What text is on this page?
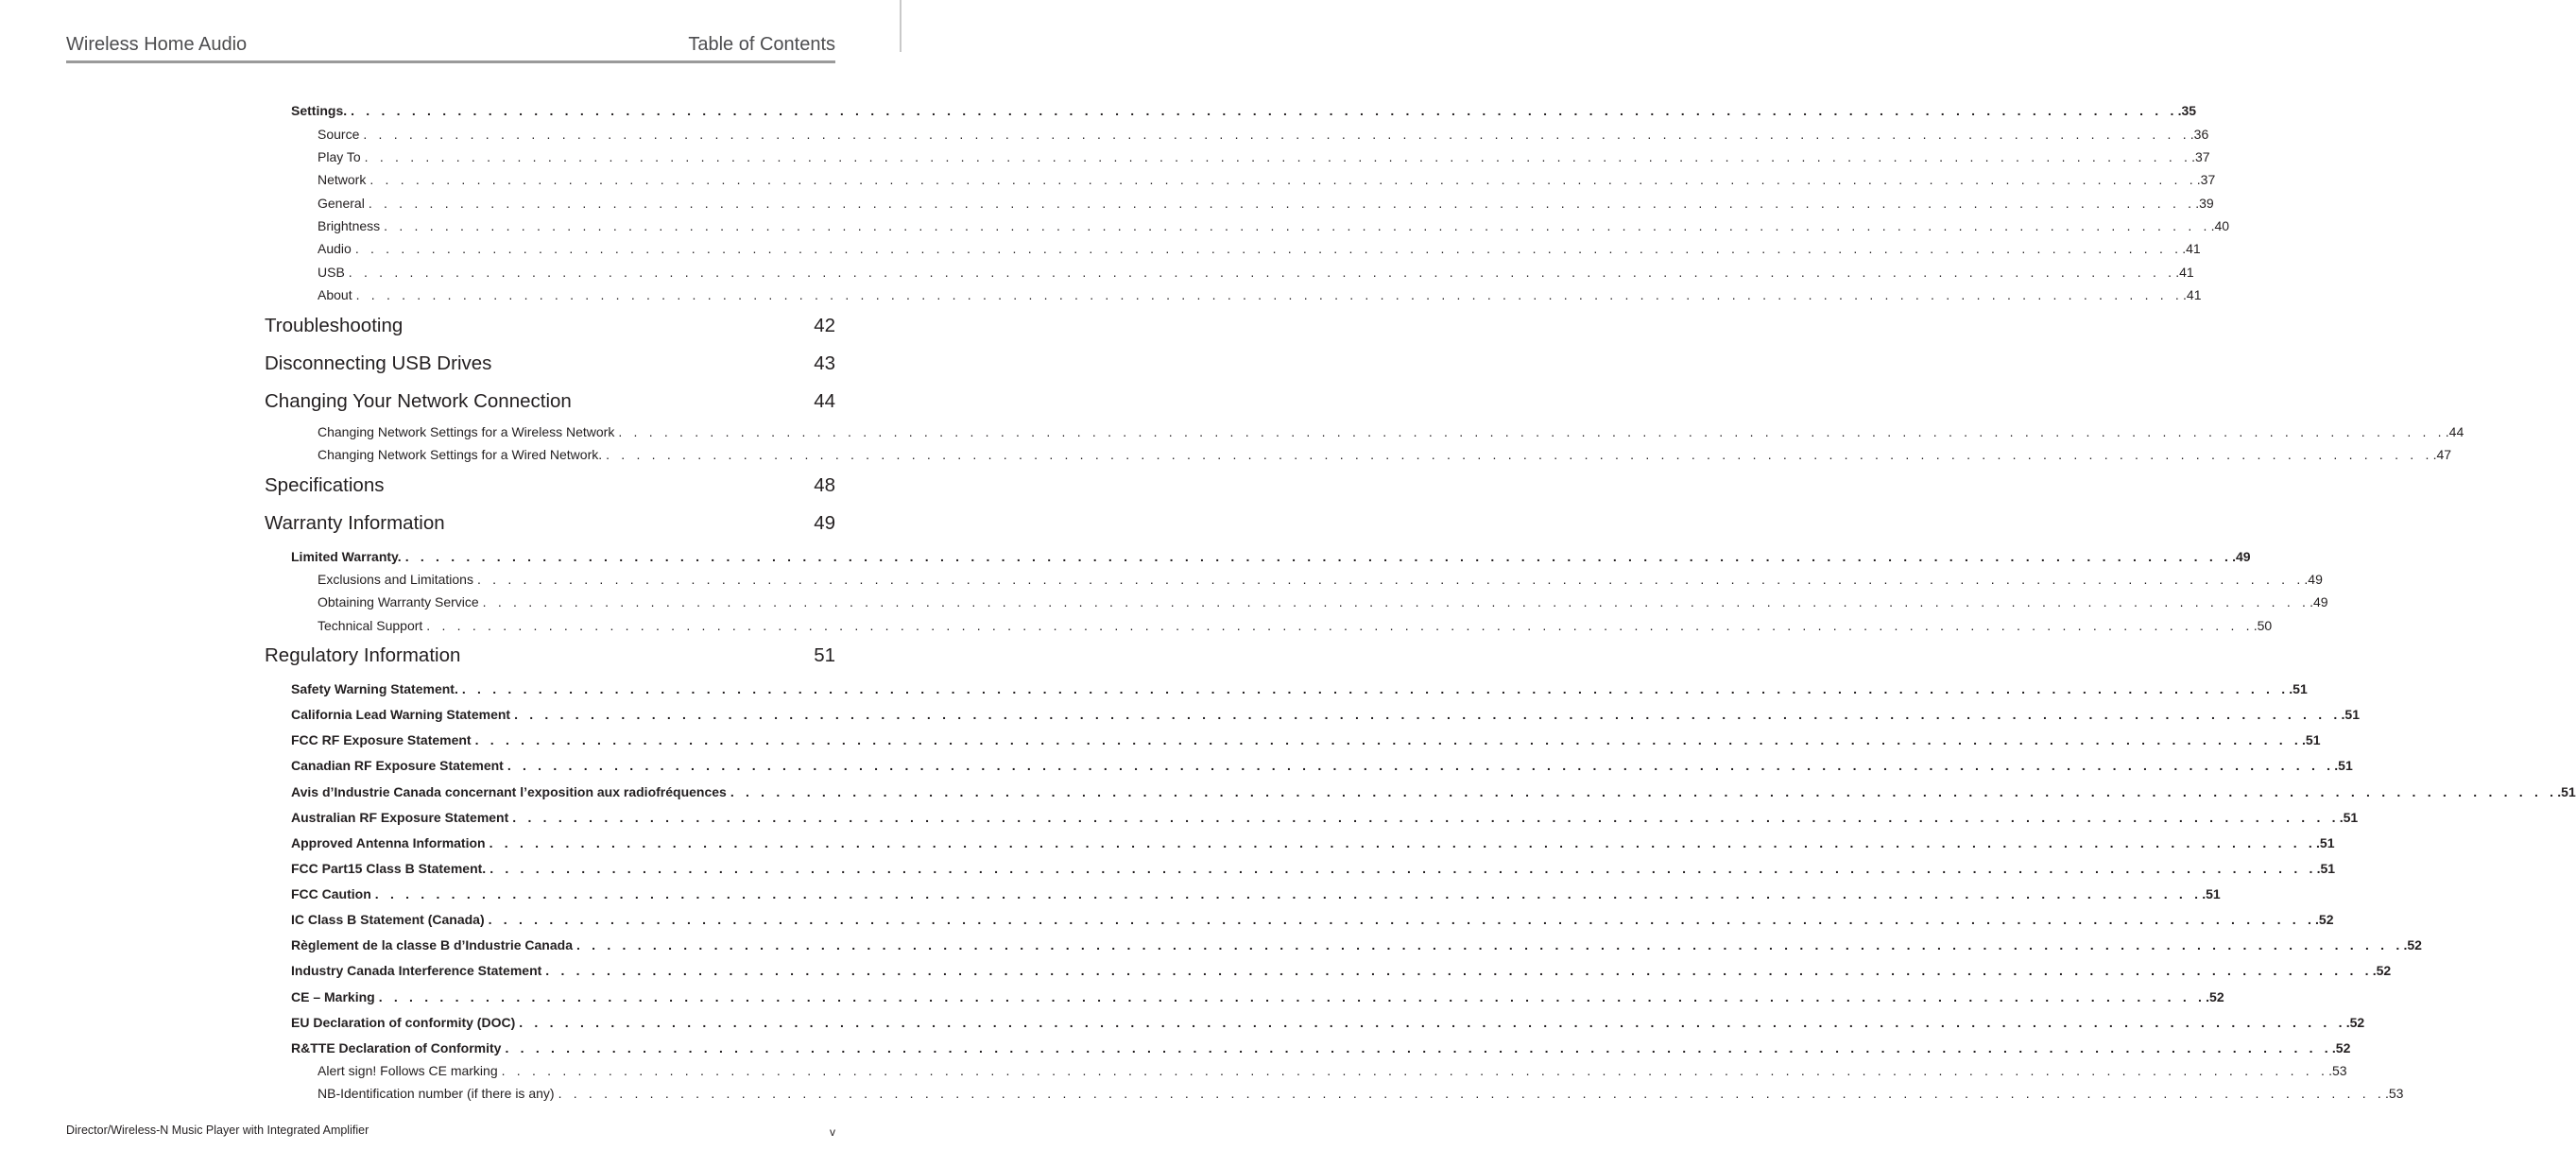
Wireless Home Audio	Table of Contents
Settings. . . . . . . . . . . . . . . . . . . . . . . . . . . . . . . . . . . . . . . . . . . . . . . . . . . . . . . . . . . . . . . . . . . . . . . . . . . . . . . . . . . . . . . . . . . . . . . . . . . . . . . . . . . . . . . . . . . . . . . . . .35
Source . . . . . . . . . . . . . . . . . . . . . . . . . . . . . . . . . . . . . . . . . . . . . . . . . . . . . . . . . . . . . . . . . . . . . . . . . . . . . . . . . . . . . . . . . . . . . . . . . . . . . . . . . . . . . . . . . . . . . . . . .36
Play To . . . . . . . . . . . . . . . . . . . . . . . . . . . . . . . . . . . . . . . . . . . . . . . . . . . . . . . . . . . . . . . . . . . . . . . . . . . . . . . . . . . . . . . . . . . . . . . . . . . . . . . . . . . . . . . . . . . . . . . . .37
Network . . . . . . . . . . . . . . . . . . . . . . . . . . . . . . . . . . . . . . . . . . . . . . . . . . . . . . . . . . . . . . . . . . . . . . . . . . . . . . . . . . . . . . . . . . . . . . . . . . . . . . . . . . . . . . . . . . . . . . . . .37
General . . . . . . . . . . . . . . . . . . . . . . . . . . . . . . . . . . . . . . . . . . . . . . . . . . . . . . . . . . . . . . . . . . . . . . . . . . . . . . . . . . . . . . . . . . . . . . . . . . . . . . . . . . . . . . . . . . . . . . . . .39
Brightness . . . . . . . . . . . . . . . . . . . . . . . . . . . . . . . . . . . . . . . . . . . . . . . . . . . . . . . . . . . . . . . . . . . . . . . . . . . . . . . . . . . . . . . . . . . . . . . . . . . . . . . . . . . . . . . . . . . . . . . . .40
Audio . . . . . . . . . . . . . . . . . . . . . . . . . . . . . . . . . . . . . . . . . . . . . . . . . . . . . . . . . . . . . . . . . . . . . . . . . . . . . . . . . . . . . . . . . . . . . . . . . . . . . . . . . . . . . . . . . . . . . . . . .41
USB . . . . . . . . . . . . . . . . . . . . . . . . . . . . . . . . . . . . . . . . . . . . . . . . . . . . . . . . . . . . . . . . . . . . . . . . . . . . . . . . . . . . . . . . . . . . . . . . . . . . . . . . . . . . . . . . . . . . . . . . .41
About . . . . . . . . . . . . . . . . . . . . . . . . . . . . . . . . . . . . . . . . . . . . . . . . . . . . . . . . . . . . . . . . . . . . . . . . . . . . . . . . . . . . . . . . . . . . . . . . . . . . . . . . . . . . . . . . . . . . . . . . .41
Troubleshooting	42
Disconnecting USB Drives	43
Changing Your Network Connection	44
Changing Network Settings for a Wireless Network . . . . . . . . . . . . . . . . . . . . . . . . . . . . . . . . . . . . . . . . . . . . . . . . . . . . . . . . . . . . . . . . . . . . . . . . . . . . . . . . . . . . . . . . . . . . . . . . . . . . . . . . . . . . . . . . . . . . . . . . .44
Changing Network Settings for a Wired Network. . . . . . . . . . . . . . . . . . . . . . . . . . . . . . . . . . . . . . . . . . . . . . . . . . . . . . . . . . . . . . . . . . . . . . . . . . . . . . . . . . . . . . . . . . . . . . . . . . . . . . . . . . . . . . . . . . . . . . . . . .47
Specifications	48
Warranty Information	49
Limited Warranty. . . . . . . . . . . . . . . . . . . . . . . . . . . . . . . . . . . . . . . . . . . . . . . . . . . . . . . . . . . . . . . . . . . . . . . . . . . . . . . . . . . . . . . . . . . . . . . . . . . . . . . . . . . . . . . . . . . . . . . . . .49
Exclusions and Limitations . . . . . . . . . . . . . . . . . . . . . . . . . . . . . . . . . . . . . . . . . . . . . . . . . . . . . . . . . . . . . . . . . . . . . . . . . . . . . . . . . . . . . . . . . . . . . . . . . . . . . . . . . . . . . . . . . . . . . . . . .49
Obtaining Warranty Service . . . . . . . . . . . . . . . . . . . . . . . . . . . . . . . . . . . . . . . . . . . . . . . . . . . . . . . . . . . . . . . . . . . . . . . . . . . . . . . . . . . . . . . . . . . . . . . . . . . . . . . . . . . . . . . . . . . . . . . . .49
Technical Support . . . . . . . . . . . . . . . . . . . . . . . . . . . . . . . . . . . . . . . . . . . . . . . . . . . . . . . . . . . . . . . . . . . . . . . . . . . . . . . . . . . . . . . . . . . . . . . . . . . . . . . . . . . . . . . . . . . . . . . . .50
Regulatory Information	51
Safety Warning Statement. . . . . . . . . . . . . . . . . . . . . . . . . . . . . . . . . . . . . . . . . . . . . . . . . . . . . . . . . . . . . . . . . . . . . . . . . . . . . . . . . . . . . . . . . . . . . . . . . . . . . . . . . . . . . . . . . . . . . . . . . .51
California Lead Warning Statement . . . . . . . . . . . . . . . . . . . . . . . . . . . . . . . . . . . . . . . . . . . . . . . . . . . . . . . . . . . . . . . . . . . . . . . . . . . . . . . . . . . . . . . . . . . . . . . . . . . . . . . . . . . . . . . . . . . . . . . . .51
FCC RF Exposure Statement . . . . . . . . . . . . . . . . . . . . . . . . . . . . . . . . . . . . . . . . . . . . . . . . . . . . . . . . . . . . . . . . . . . . . . . . . . . . . . . . . . . . . . . . . . . . . . . . . . . . . . . . . . . . . . . . . . . . . . . . .51
Canadian RF Exposure Statement . . . . . . . . . . . . . . . . . . . . . . . . . . . . . . . . . . . . . . . . . . . . . . . . . . . . . . . . . . . . . . . . . . . . . . . . . . . . . . . . . . . . . . . . . . . . . . . . . . . . . . . . . . . . . . . . . . . . . . . . .51
Avis d’Industrie Canada concernant l’exposition aux radiofréquences . . . . . . . . . . . . . . . . . . . . . . . . . . . . . . . . . . . . . . . . . . . . . . . . . . . . . . . . . . . . . . . . . . . . . . . . . . . . . . . . . . . . . . . . . . . . . . . . . . . . . . . . . . . . . . . . . . . . . . . . .51
Australian RF Exposure Statement . . . . . . . . . . . . . . . . . . . . . . . . . . . . . . . . . . . . . . . . . . . . . . . . . . . . . . . . . . . . . . . . . . . . . . . . . . . . . . . . . . . . . . . . . . . . . . . . . . . . . . . . . . . . . . . . . . . . . . . . .51
Approved Antenna Information . . . . . . . . . . . . . . . . . . . . . . . . . . . . . . . . . . . . . . . . . . . . . . . . . . . . . . . . . . . . . . . . . . . . . . . . . . . . . . . . . . . . . . . . . . . . . . . . . . . . . . . . . . . . . . . . . . . . . . . . .51
FCC Part15 Class B Statement. . . . . . . . . . . . . . . . . . . . . . . . . . . . . . . . . . . . . . . . . . . . . . . . . . . . . . . . . . . . . . . . . . . . . . . . . . . . . . . . . . . . . . . . . . . . . . . . . . . . . . . . . . . . . . . . . . . . . . . . . .51
FCC Caution . . . . . . . . . . . . . . . . . . . . . . . . . . . . . . . . . . . . . . . . . . . . . . . . . . . . . . . . . . . . . . . . . . . . . . . . . . . . . . . . . . . . . . . . . . . . . . . . . . . . . . . . . . . . . . . . . . . . . . . . .51
IC Class B Statement (Canada) . . . . . . . . . . . . . . . . . . . . . . . . . . . . . . . . . . . . . . . . . . . . . . . . . . . . . . . . . . . . . . . . . . . . . . . . . . . . . . . . . . . . . . . . . . . . . . . . . . . . . . . . . . . . . . . . . . . . . . . . .52
Règlement de la classe B d’Industrie Canada . . . . . . . . . . . . . . . . . . . . . . . . . . . . . . . . . . . . . . . . . . . . . . . . . . . . . . . . . . . . . . . . . . . . . . . . . . . . . . . . . . . . . . . . . . . . . . . . . . . . . . . . . . . . . . . . . . . . . . . . .52
Industry Canada Interference Statement . . . . . . . . . . . . . . . . . . . . . . . . . . . . . . . . . . . . . . . . . . . . . . . . . . . . . . . . . . . . . . . . . . . . . . . . . . . . . . . . . . . . . . . . . . . . . . . . . . . . . . . . . . . . . . . . . . . . . . . . .52
CE – Marking . . . . . . . . . . . . . . . . . . . . . . . . . . . . . . . . . . . . . . . . . . . . . . . . . . . . . . . . . . . . . . . . . . . . . . . . . . . . . . . . . . . . . . . . . . . . . . . . . . . . . . . . . . . . . . . . . . . . . . . . .52
EU Declaration of conformity (DOC) . . . . . . . . . . . . . . . . . . . . . . . . . . . . . . . . . . . . . . . . . . . . . . . . . . . . . . . . . . . . . . . . . . . . . . . . . . . . . . . . . . . . . . . . . . . . . . . . . . . . . . . . . . . . . . . . . . . . . . . . .52
R&TTE Declaration of Conformity . . . . . . . . . . . . . . . . . . . . . . . . . . . . . . . . . . . . . . . . . . . . . . . . . . . . . . . . . . . . . . . . . . . . . . . . . . . . . . . . . . . . . . . . . . . . . . . . . . . . . . . . . . . . . . . . . . . . . . . . .52
Alert sign! Follows CE marking . . . . . . . . . . . . . . . . . . . . . . . . . . . . . . . . . . . . . . . . . . . . . . . . . . . . . . . . . . . . . . . . . . . . . . . . . . . . . . . . . . . . . . . . . . . . . . . . . . . . . . . . . . . . . . . . . . . . . . . . .53
NB-Identification number (if there is any) . . . . . . . . . . . . . . . . . . . . . . . . . . . . . . . . . . . . . . . . . . . . . . . . . . . . . . . . . . . . . . . . . . . . . . . . . . . . . . . . . . . . . . . . . . . . . . . . . . . . . . . . . . . . . . . . . . . . . . . . .53
Director/Wireless-N Music Player with Integrated Amplifier	v
